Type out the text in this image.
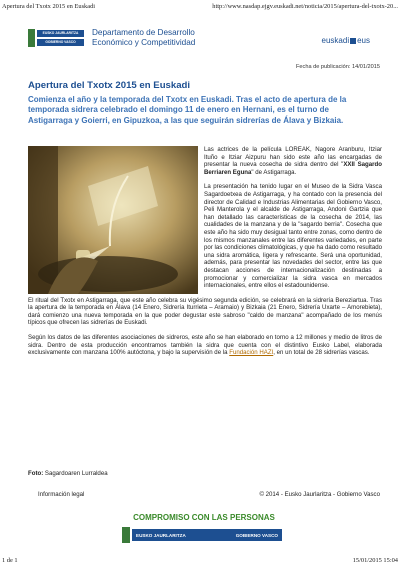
Apertura del Txotx 2015 en Euskadi	http://www.nasdap.ejgv.euskadi.net/noticia/2015/apertura-del-txotx-20...
EUSKO JAURLARITZA
GOBIERNO VASCO
Departamento de Desarrollo
Económico y Competitividad	euskadi eus
Fecha de publicación: 14/01/2015
Apertura del Txotx 2015 en Euskadi
Comienza el año y la temporada del Txotx en Euskadi. Tras el acto de apertura de la temporada sidrera celebrado el domingo 11 de enero en Hernani, es el turno de Astigarraga y Goierri, en Gipuzkoa, a las que seguirán sidrerías de Álava y Bizkaia.

Las actrices de la película LOREAK, Nagore Aranburu, Itziar Ituño e Itziar Aizpuru han sido este año las encargadas de presentar la nueva cosecha de sidra dentro del "XXII Sagardo Berriaren Eguna" de Astigarraga.

La presentación ha tenido lugar en el Museo de la Sidra Vasca Sagardoetxea de Astigarraga, y ha contado con la presencia del director de Calidad e Industrias Alimentarias del Gobierno Vasco, Peli Manterola y el alcalde de Astigarraga, Andoni Gartzia que han detallado las características de la cosecha de 2014, las cualidades de la manzana y de la "sagardo berria". Cosecha que este año ha sido muy desigual tanto entre zonas, como dentro de los mismos manzanales entre las diferentes variedades, en parte por las condiciones climatológicas, y que ha dado como resultado una sidra aromática, ligera y refrescante. Será una oportunidad, además, para presentar las novedades del sector, entre las que destacan acciones de internacionalización destinadas a promocionar y comercializar la sidra vasca en mercados internacionales, entre ellos el estadounidense.

El ritual del Txotx en Astigarraga, que este año celebra su vigésimo segunda edición, se celebrará en la sidrería Bereziartua. Tras la apertura de la temporada en Álava (14 Enero, Sidrería Iturrieta – Aramaio) y Bizkaia (21 Enero, Sidrería Uxarte – Amorebieta), dará comienzo una nueva temporada en la que poder degustar este sabroso "caldo de manzana" acompañado de los menús típicos que ofrecen las sidrerías de Euskadi.

Según los datos de las diferentes asociaciones de sidreros, este año se han elaborado en torno a 12 millones y medio de litros de sidra. Dentro de esta producción encontramos también la sidra que cuenta con el distintivo Eusko Label, elaborada exclusivamente con manzana 100% autóctona, y bajo la supervisión de la Fundación HAZI, en un total de 28 sidrerías vascas.

Foto: Sagardoaren Lurraldea
Información legal	© 2014 - Eusko Jaurlaritza - Gobierno Vasco
COMPROMISO CON LAS PERSONAS
EUSKO JAURLARITZA	GOBIERNO VASCO
1 de 1	15/01/2015 15:04
